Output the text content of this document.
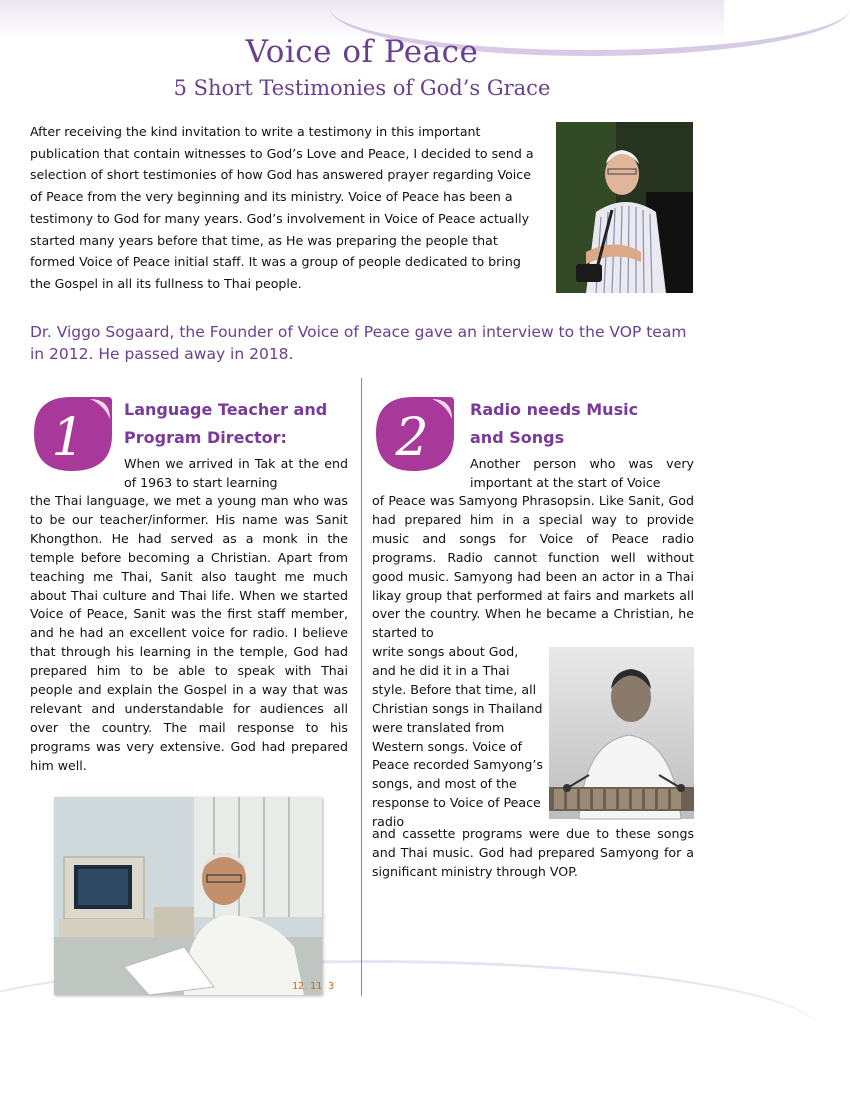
Voice of Peace
5 Short Testimonies of God’s Grace
After receiving the kind invitation to write a testimony in this important publication that contain witnesses to God’s Love and Peace, I decided to send a selection of short testimonies of how God has answered prayer regarding Voice of Peace from the very beginning and its ministry. Voice of Peace has been a testimony to God for many years. God’s involvement in Voice of Peace actually started many years before that time, as He was preparing the people that formed Voice of Peace initial staff. It was a group of people dedicated to bring the Gospel in all its fullness to Thai people.
Dr. Viggo Sogaard, the Founder of Voice of Peace gave an interview to the VOP team in 2012. He passed away in 2018.
1 Language Teacher and
Program Director:
When we arrived in Tak at the end of 1963 to start learning
the Thai language, we met a young man who was to be our teacher/informer. His name was Sanit Khongthon. He had served as a monk in the temple before becoming a Christian. Apart from teaching me Thai, Sanit also taught me much about Thai culture and Thai life. When we started Voice of Peace, Sanit was the first staff member, and he had an excellent voice for radio. I believe that through his learning in the temple, God had prepared him to be able to speak with Thai people and explain the Gospel in a way that was relevant and understandable for audiences all over the country. The mail response to his programs was very extensive. God had prepared him well.
12 11 3
2	Radio needs Music
and Songs
Another person who was very important at the start of Voice
of Peace was Samyong Phrasopsin. Like Sanit, God had prepared him in a special way to provide music and songs for Voice of Peace radio programs. Radio cannot function well without good music. Samyong had been an actor in a Thai likay group that performed at fairs and markets all over the country. When he became a Christian, he started to
write songs about God, and he did it in a Thai style. Before that time, all Christian songs in Thailand were translated from Western songs. Voice of Peace recorded Samyong’s songs, and most of the response to Voice of Peace radio
and cassette programs were due to these songs and Thai music. God had prepared Samyong for a significant ministry through VOP.
